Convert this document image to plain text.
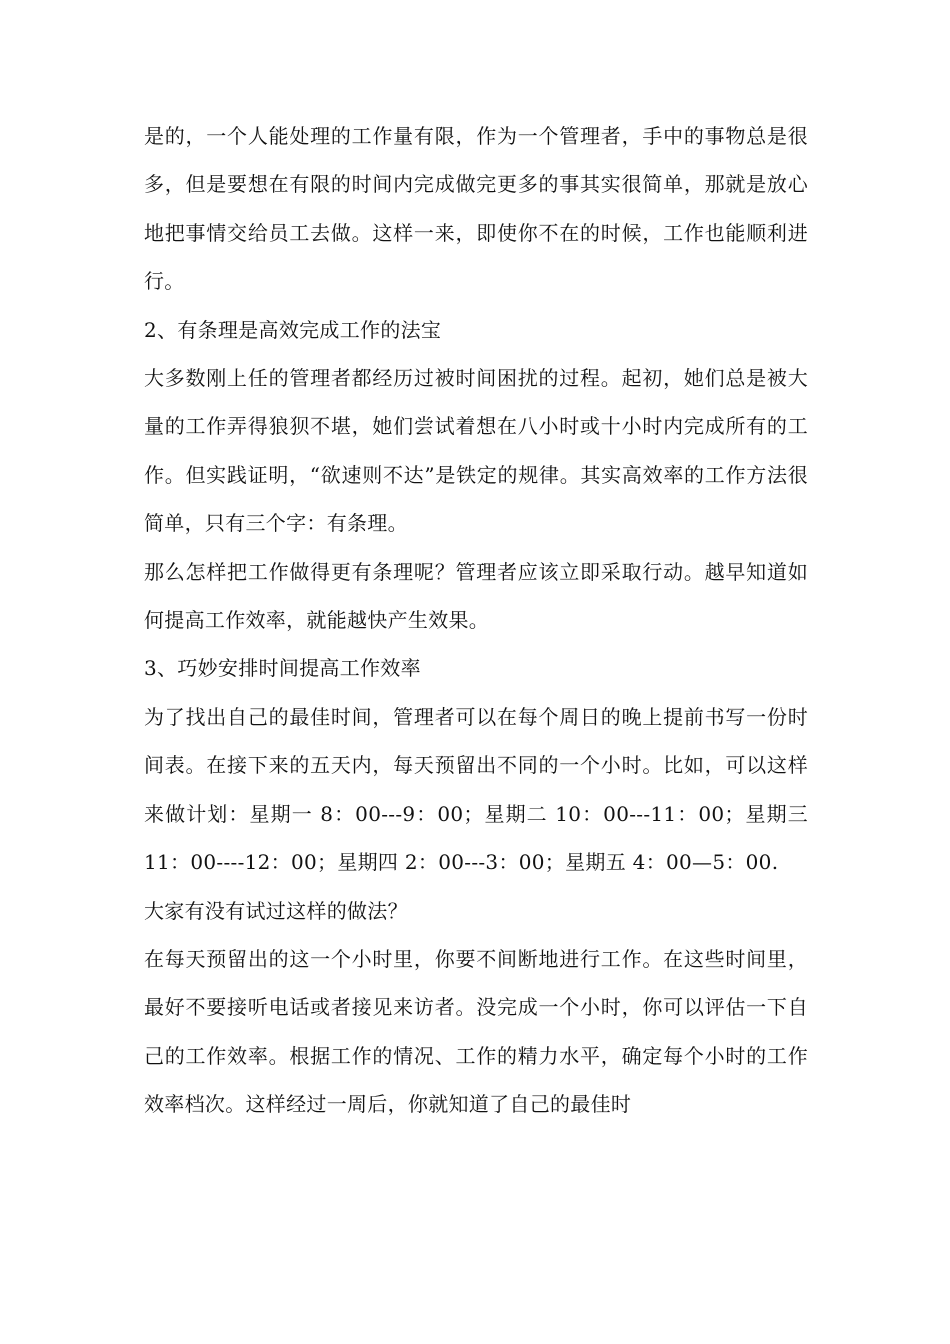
是的，一个人能处理的工作量有限，作为一个管理者，手中的事物总是很多，但是要想在有限的时间内完成做完更多的事其实很简单，那就是放心地把事情交给员工去做。这样一来，即使你不在的时候，工作也能顺利进行。

2、有条理是高效完成工作的法宝

大多数刚上任的管理者都经历过被时间困扰的过程。起初，她们总是被大量的工作弄得狼狈不堪，她们尝试着想在八小时或十小时内完成所有的工作。但实践证明，“欲速则不达”是铁定的规律。其实高效率的工作方法很简单，只有三个字：有条理。

那么怎样把工作做得更有条理呢？管理者应该立即采取行动。越早知道如何提高工作效率，就能越快产生效果。

3、巧妙安排时间提高工作效率

为了找出自己的最佳时间，管理者可以在每个周日的晚上提前书写一份时间表。在接下来的五天内，每天预留出不同的一个小时。比如，可以这样来做计划：星期一 8：00---9：00；星期二 10：00---11：00；星期三 11：00----12：00；星期四 2：00---3：00；星期五 4：00—5：00.

大家有没有试过这样的做法？

在每天预留出的这一个小时里，你要不间断地进行工作。在这些时间里，最好不要接听电话或者接见来访者。没完成一个小时，你可以评估一下自己的工作效率。根据工作的情况、工作的精力水平，确定每个小时的工作效率档次。这样经过一周后，你就知道了自己的最佳时
